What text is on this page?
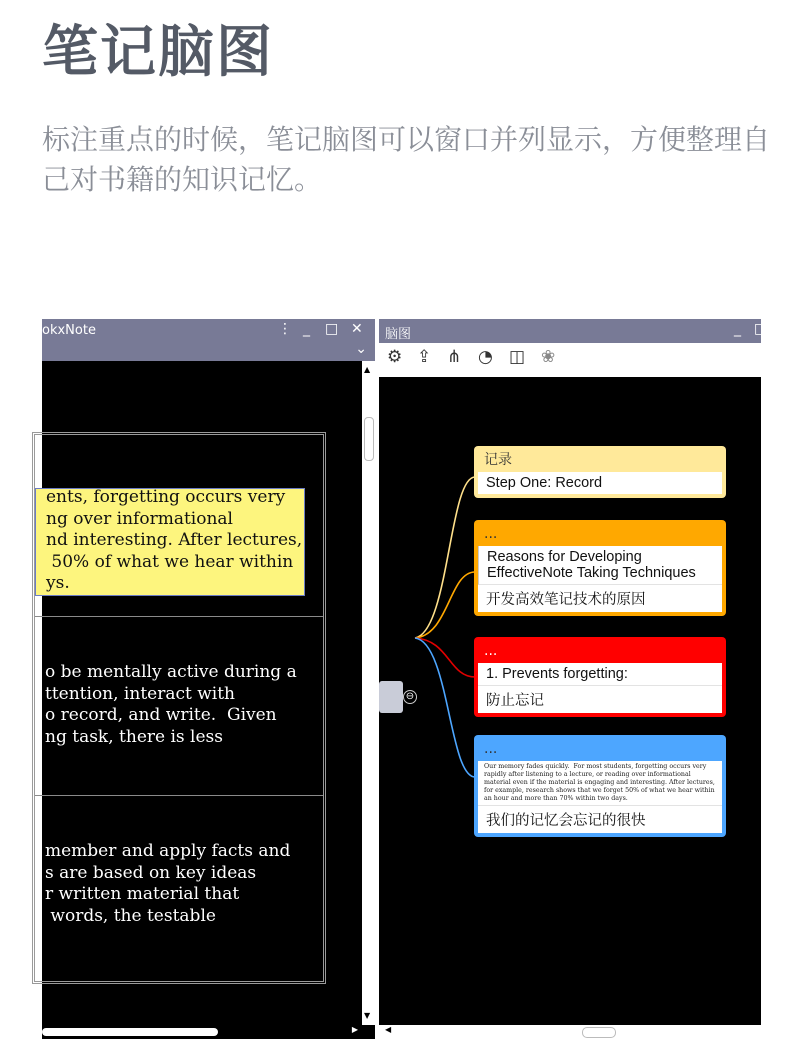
笔记脑图
标注重点的时候，笔记脑图可以窗口并列显示，方便整理自己对书籍的知识记忆。
okxNote	⋮ _ □ ✕
⌄
ents, forgetting occurs very
ng over informational
nd interesting. After lectures,
50% of what we hear within
ys.
o be mentally active during a
ttention, interact with
o record, and write.  Given
ng task, there is less
member and apply facts and
s are based on key ideas
r written material that
words, the testable
▲
▼
▶
脑图	_ □
⚙ ⇪ ⋔ ◔ ◫ ❀
⊖
记录
Step One: Record
...
Reasons for Developing EffectiveNote Taking Techniques
开发高效笔记技术的原因
...
1. Prevents forgetting:
防止忘记
...
Our memory fades quickly.  For most students, forgetting occurs very
rapidly after listening to a lecture, or reading over informational
material even if the material is engaging and interesting. After lectures,
for example, research shows that we forget 50% of what we hear within
an hour and more than 70% within two days.
我们的记忆会忘记的很快
◀
